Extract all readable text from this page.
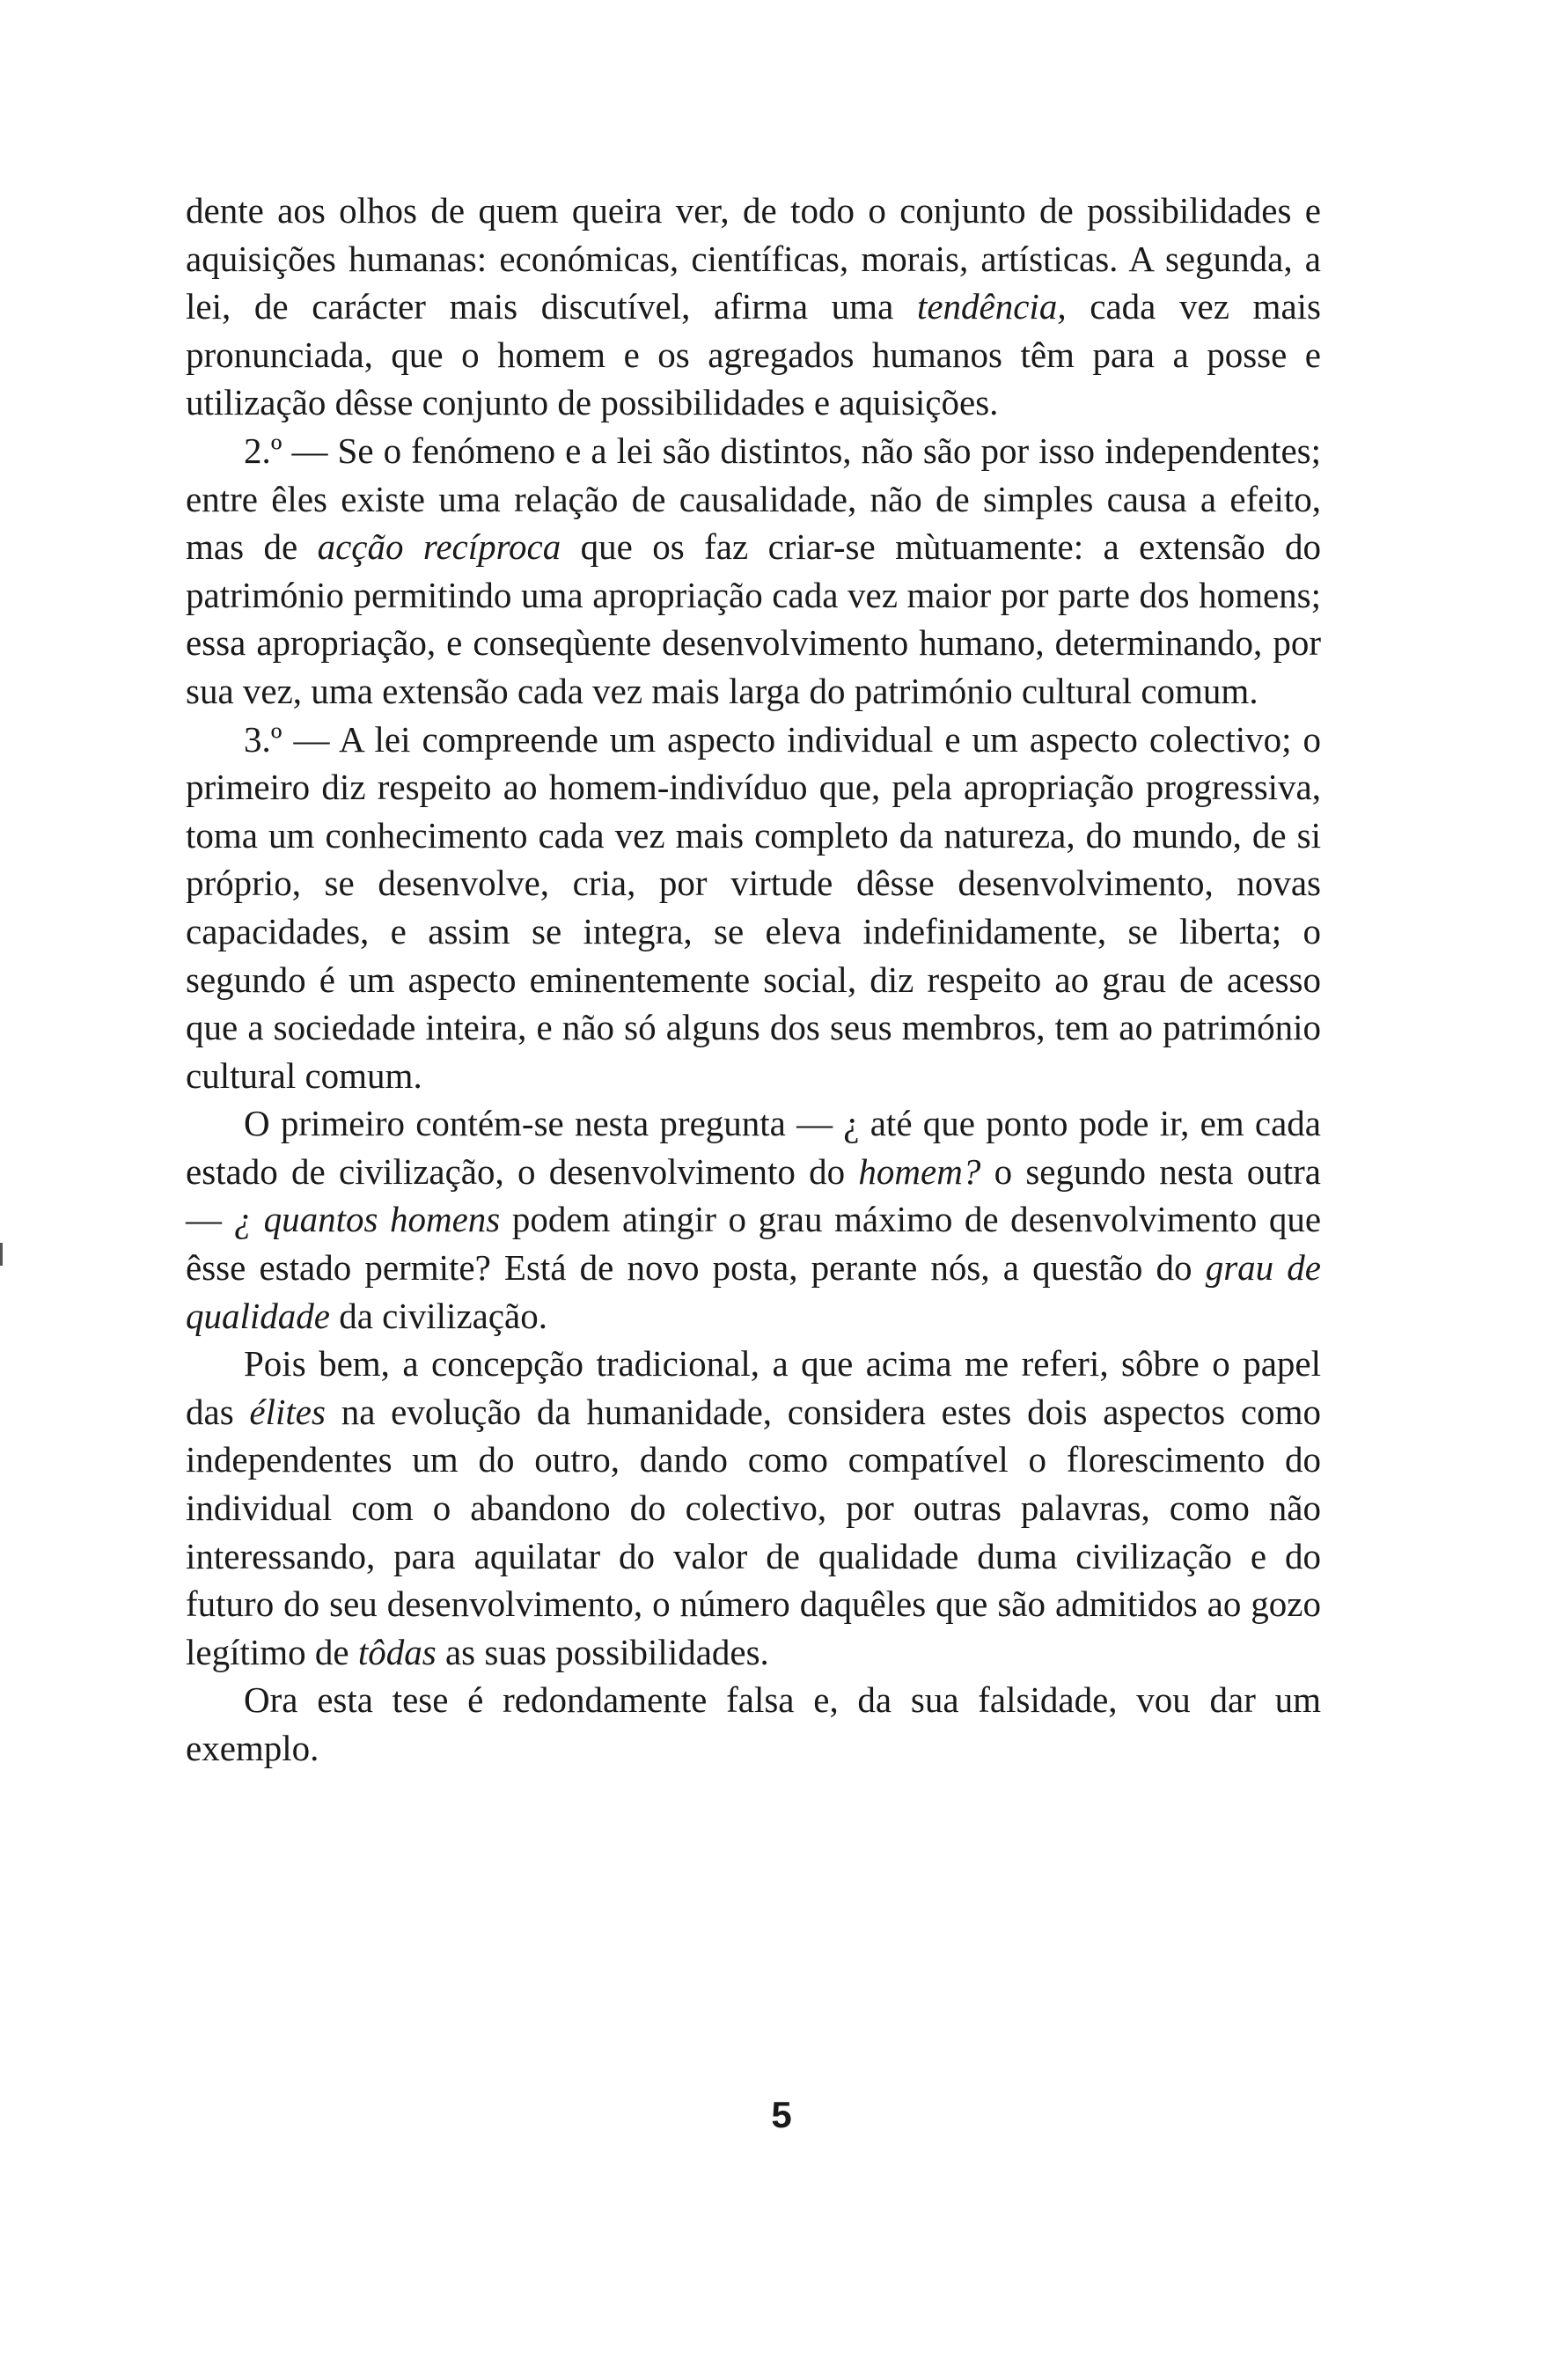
dente aos olhos de quem queira ver, de todo o conjunto de possibilidades e aquisições humanas: económicas, científicas, morais, artísticas. A segunda, a lei, de carácter mais discutível, afirma uma tendência, cada vez mais pronunciada, que o homem e os agregados humanos têm para a posse e utilização dêsse conjunto de possibilidades e aquisições.

2.º — Se o fenómeno e a lei são distintos, não são por isso independentes; entre êles existe uma relação de causalidade, não de simples causa a efeito, mas de acção recíproca que os faz criar-se mùtuamente: a extensão do património permitindo uma apropriação cada vez maior por parte dos homens; essa apropriação, e conseqùente desenvolvimento humano, determinando, por sua vez, uma extensão cada vez mais larga do património cultural comum.

3.º — A lei compreende um aspecto individual e um aspecto colectivo; o primeiro diz respeito ao homem-indivíduo que, pela apropriação progressiva, toma um conhecimento cada vez mais completo da natureza, do mundo, de si próprio, se desenvolve, cria, por virtude dêsse desenvolvimento, novas capacidades, e assim se integra, se eleva indefinidamente, se liberta; o segundo é um aspecto eminentemente social, diz respeito ao grau de acesso que a sociedade inteira, e não só alguns dos seus membros, tem ao património cultural comum.

O primeiro contém-se nesta pregunta — ¿ até que ponto pode ir, em cada estado de civilização, o desenvolvimento do homem? o segundo nesta outra — ¿ quantos homens podem atingir o grau máximo de desenvolvimento que êsse estado permite? Está de novo posta, perante nós, a questão do grau de qualidade da civilização.

Pois bem, a concepção tradicional, a que acima me referi, sôbre o papel das élites na evolução da humanidade, considera estes dois aspectos como independentes um do outro, dando como compatível o florescimento do individual com o abandono do colectivo, por outras palavras, como não interessando, para aquilatar do valor de qualidade duma civilização e do futuro do seu desenvolvimento, o número daquêles que são admitidos ao gozo legítimo de tôdas as suas possibilidades.

Ora esta tese é redondamente falsa e, da sua falsidade, vou dar um exemplo.

5
